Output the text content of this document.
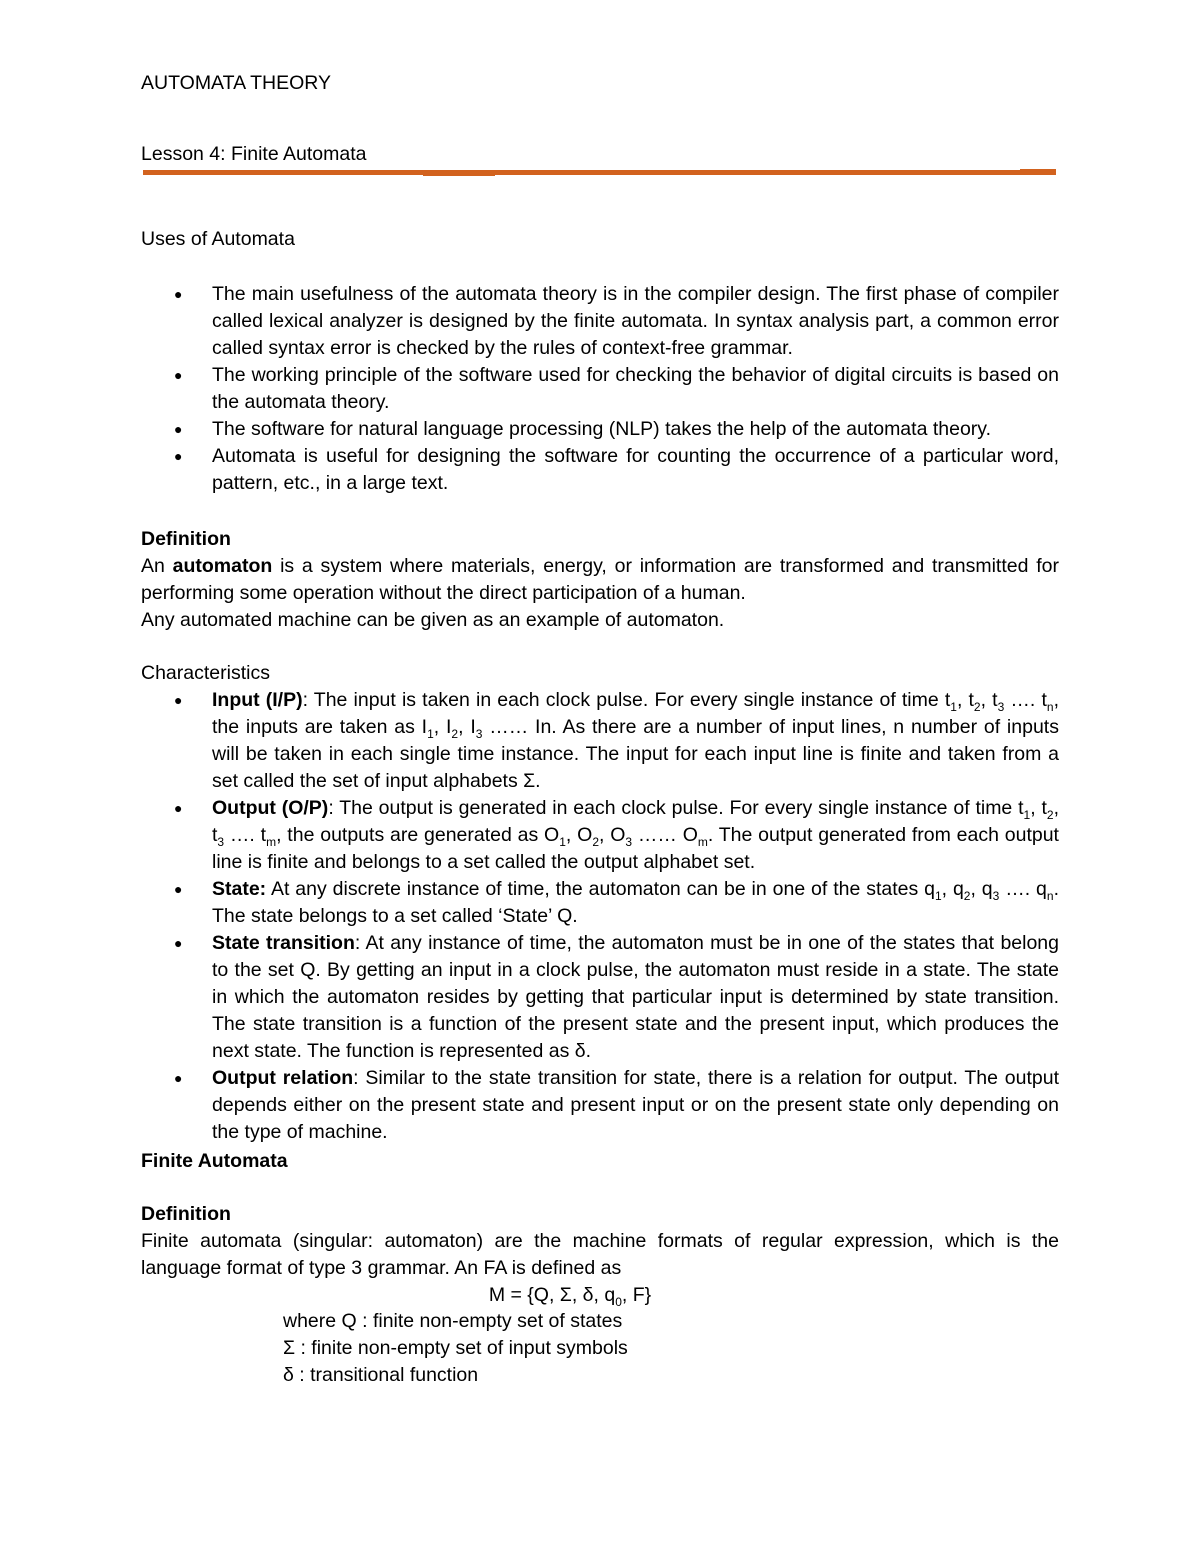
AUTOMATA THEORY
Lesson 4: Finite Automata
Uses of Automata
● The main usefulness of the automata theory is in the compiler design. The first phase of compiler called lexical analyzer is designed by the finite automata. In syntax analysis part, a common error called syntax error is checked by the rules of context-free grammar.
● The working principle of the software used for checking the behavior of digital circuits is based on the automata theory.
● The software for natural language processing (NLP) takes the help of the automata theory.
● Automata is useful for designing the software for counting the occurrence of a particular word, pattern, etc., in a large text.
Definition
An automaton is a system where materials, energy, or information are transformed and transmitted for performing some operation without the direct participation of a human.
Any automated machine can be given as an example of automaton.
Characteristics
● Input (I/P): The input is taken in each clock pulse. For every single instance of time $t_1$, $t_2$, $t_3$ …. $t_n$, the inputs are taken as $I_1$, $I_2$, $I_3$ …… In. As there are a number of input lines, n number of inputs will be taken in each single time instance. The input for each input line is finite and taken from a set called the set of input alphabets Σ.
● Output (O/P): The output is generated in each clock pulse. For every single instance of time $t_1$, $t_2$, $t_3$ …. $t_m$, the outputs are generated as $O_1$, $O_2$, $O_3$ …… $O_m$. The output generated from each output line is finite and belongs to a set called the output alphabet set.
● State: At any discrete instance of time, the automaton can be in one of the states $q_1$, $q_2$, $q_3$ …. $q_n$. The state belongs to a set called ‘State’ Q.
● State transition: At any instance of time, the automaton must be in one of the states that belong to the set Q. By getting an input in a clock pulse, the automaton must reside in a state. The state in which the automaton resides by getting that particular input is determined by state transition. The state transition is a function of the present state and the present input, which produces the next state. The function is represented as δ.
● Output relation: Similar to the state transition for state, there is a relation for output. The output depends either on the present state and present input or on the present state only depending on the type of machine.
Finite Automata
Definition
Finite automata (singular: automaton) are the machine formats of regular expression, which is the language format of type 3 grammar. An FA is defined as
M = {Q, Σ, δ, $q_0$, F}
where Q : finite non-empty set of states
Σ : finite non-empty set of input symbols
δ : transitional function
